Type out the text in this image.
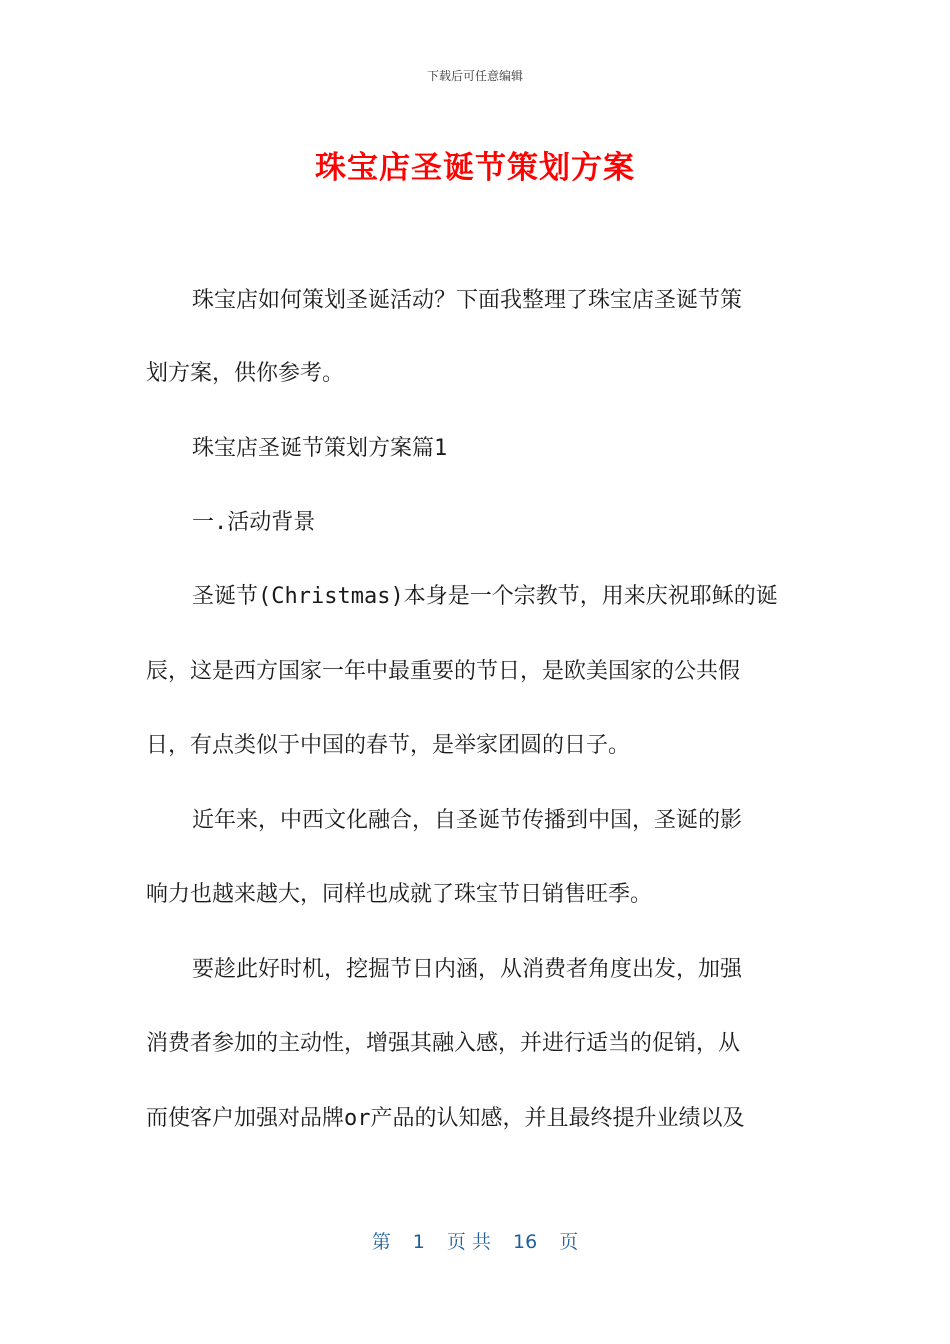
下载后可任意编辑
珠宝店圣诞节策划方案
珠宝店如何策划圣诞活动？下面我整理了珠宝店圣诞节策
划方案，供你参考。
珠宝店圣诞节策划方案篇1
一.活动背景
圣诞节(Christmas)本身是一个宗教节，用来庆祝耶稣的诞
辰，这是西方国家一年中最重要的节日，是欧美国家的公共假
日，有点类似于中国的春节，是举家团圆的日子。
近年来，中西文化融合，自圣诞节传播到中国，圣诞的影
响力也越来越大，同样也成就了珠宝节日销售旺季。
要趁此好时机，挖掘节日内涵，从消费者角度出发，加强
消费者参加的主动性，增强其融入感，并进行适当的促销，从
而使客户加强对品牌or产品的认知感，并且最终提升业绩以及
第 1 页 共 16 页
